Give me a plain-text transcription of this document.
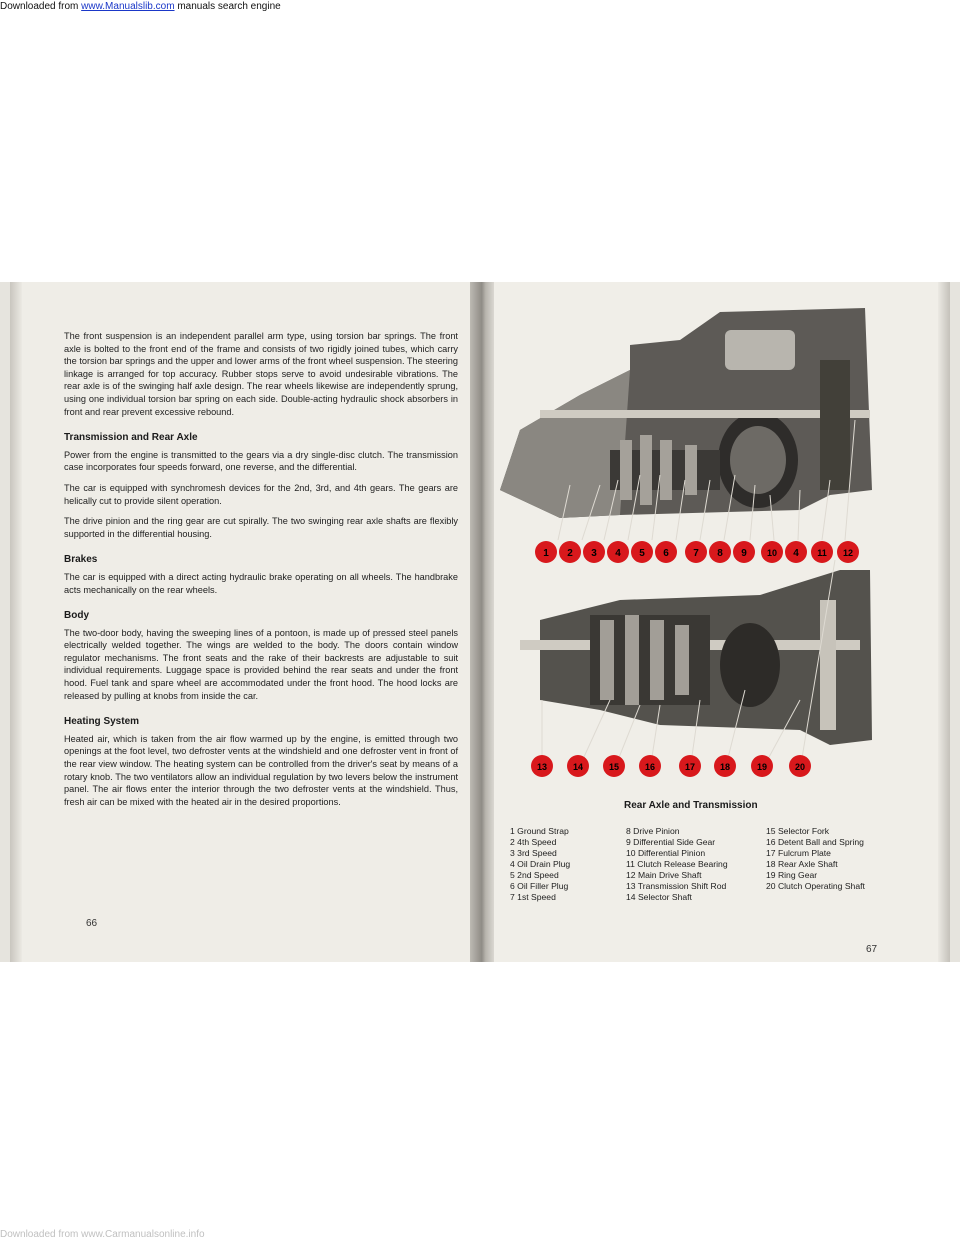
Downloaded from www.Manualslib.com manuals search engine

The front suspension is an independent parallel arm type, using torsion bar springs. The front axle is bolted to the front end of the frame and consists of two rigidly joined tubes, which carry the torsion bar springs and the upper and lower arms of the front wheel suspension. The steering linkage is arranged for top accuracy. Rubber stops serve to avoid undesirable vibrations. The rear axle is of the swinging half axle design. The rear wheels likewise are independently sprung, using one individual torsion bar spring on each side. Double-acting hydraulic shock absorbers in front and rear prevent excessive rebound.

Transmission and Rear Axle

Power from the engine is transmitted to the gears via a dry single-disc clutch. The transmission case incorporates four speeds forward, one reverse, and the differential.

The car is equipped with synchromesh devices for the 2nd, 3rd, and 4th gears. The gears are helically cut to provide silent operation.

The drive pinion and the ring gear are cut spirally. The two swinging rear axle shafts are flexibly supported in the differential housing.

Brakes

The car is equipped with a direct acting hydraulic brake operating on all wheels. The handbrake acts mechanically on the rear wheels.

Body

The two-door body, having the sweeping lines of a pontoon, is made up of pressed steel panels electrically welded together. The wings are welded to the body. The doors contain window regulator mechanisms. The front seats and the rake of their backrests are adjustable to suit individual requirements. Luggage space is provided behind the rear seats and under the front hood. Fuel tank and spare wheel are accommodated under the front hood. The hood locks are released by pulling at knobs from inside the car.

Heating System

Heated air, which is taken from the air flow warmed up by the engine, is emitted through two openings at the foot level, two defroster vents at the windshield and one defroster vent in front of the rear view window. The heating system can be controlled from the driver's seat by means of a rotary knob. The two ventilators allow an individual regulation by two levers below the instrument panel. The air flows enter the interior through the two defroster vents at the windshield. Thus, fresh air can be mixed with the heated air in the desired proportions.

66
1 2 3 4 5 6 7 8 9 10 4 11 12
13	14	15	16	17	18	19	20
Rear Axle and Transmission
1 Ground Strap
2 4th Speed
3 3rd Speed
4 Oil Drain Plug
5 2nd Speed
6 Oil Filler Plug
7 1st Speed
8 Drive Pinion
9 Differential Side Gear
10 Differential Pinion
11 Clutch Release Bearing
12 Main Drive Shaft
13 Transmission Shift Rod
14 Selector Shaft
15 Selector Fork
16 Detent Ball and Spring
17 Fulcrum Plate
18 Rear Axle Shaft
19 Ring Gear
20 Clutch Operating Shaft
67
Downloaded from www.Carmanualsonline.info
